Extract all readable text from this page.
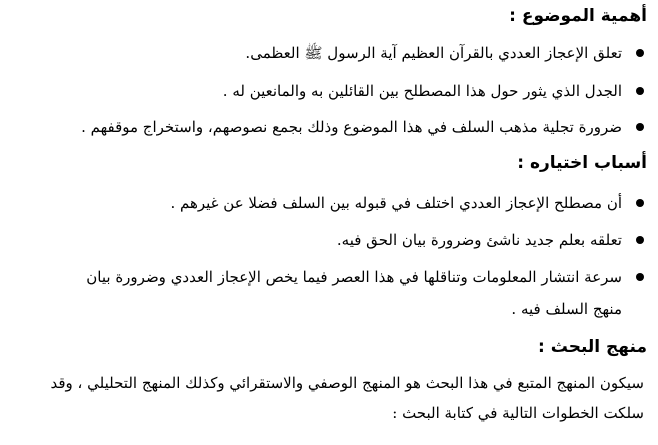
أهمية الموضوع :
تعلق الإعجاز العددي بالقرآن العظيم آية الرسول ﷺ العظمى.
الجدل الذي يثور حول هذا المصطلح بين القائلين به والمانعين له .
ضرورة تجلية مذهب السلف في هذا الموضوع وذلك بجمع نصوصهم، واستخراج موقفهم .
أسباب اختياره :
أن مصطلح الإعجاز العددي اختلف في قبوله بين السلف فضلا عن غيرهم .
تعلقه بعلم جديد ناشئ وضرورة بيان الحق فيه.
سرعة انتشار المعلومات وتناقلها في هذا العصر فيما يخص الإعجاز العددي وضرورة بيان
منهج السلف فيه .
منهج البحث :
سيكون المنهج المتبع في هذا البحث هو المنهج الوصفي والاستقرائي وكذلك المنهج التحليلي ، وقد
سلكت الخطوات التالية في كتابة البحث :
